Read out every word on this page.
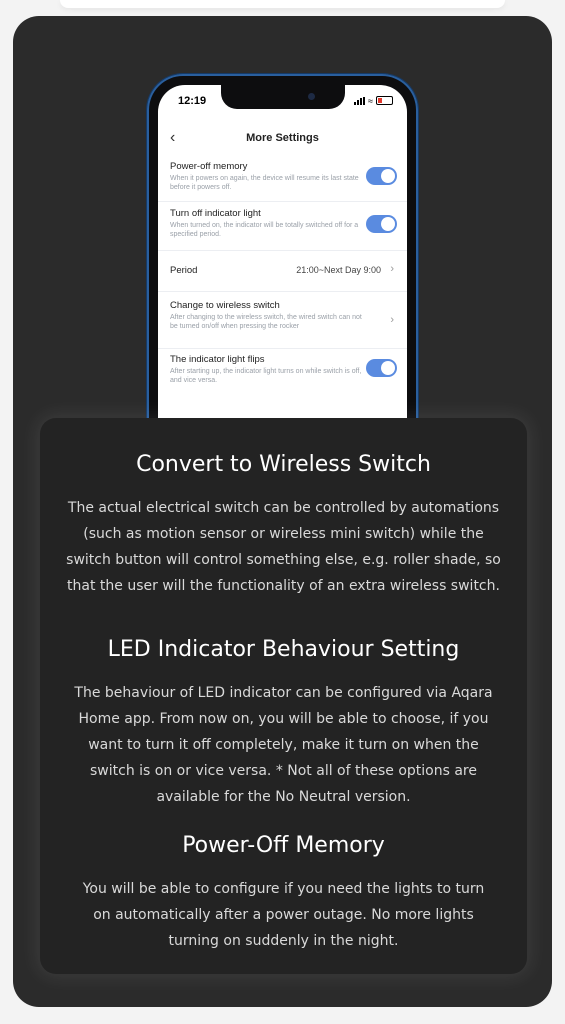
12:19	≈
‹	More Settings
Power-off memory
When it powers on again, the device will resume its last state before it powers off.
Turn off indicator light
When turned on, the indicator will be totally switched off for a specified period.
Period	21:00~Next Day 9:00 ›
Change to wireless switch
After changing to the wireless switch, the wired switch can not be turned on/off when pressing the rocker
›
The indicator light flips
After starting up, the indicator light turns on while switch is off, and vice versa.
Convert to Wireless Switch
The actual electrical switch can be controlled by automations (such as motion sensor or wireless mini switch) while the switch button will control something else, e.g. roller shade, so that the user will the functionality of an extra wireless switch.
LED Indicator Behaviour Setting
The behaviour of LED indicator can be configured via Aqara Home app. From now on, you will be able to choose, if you want to turn it off completely, make it turn on when the switch is on or vice versa. * Not all of these options are available for the No Neutral version.
Power-Off Memory
You will be able to configure if you need the lights to turn on automatically after a power outage. No more lights turning on suddenly in the night.
